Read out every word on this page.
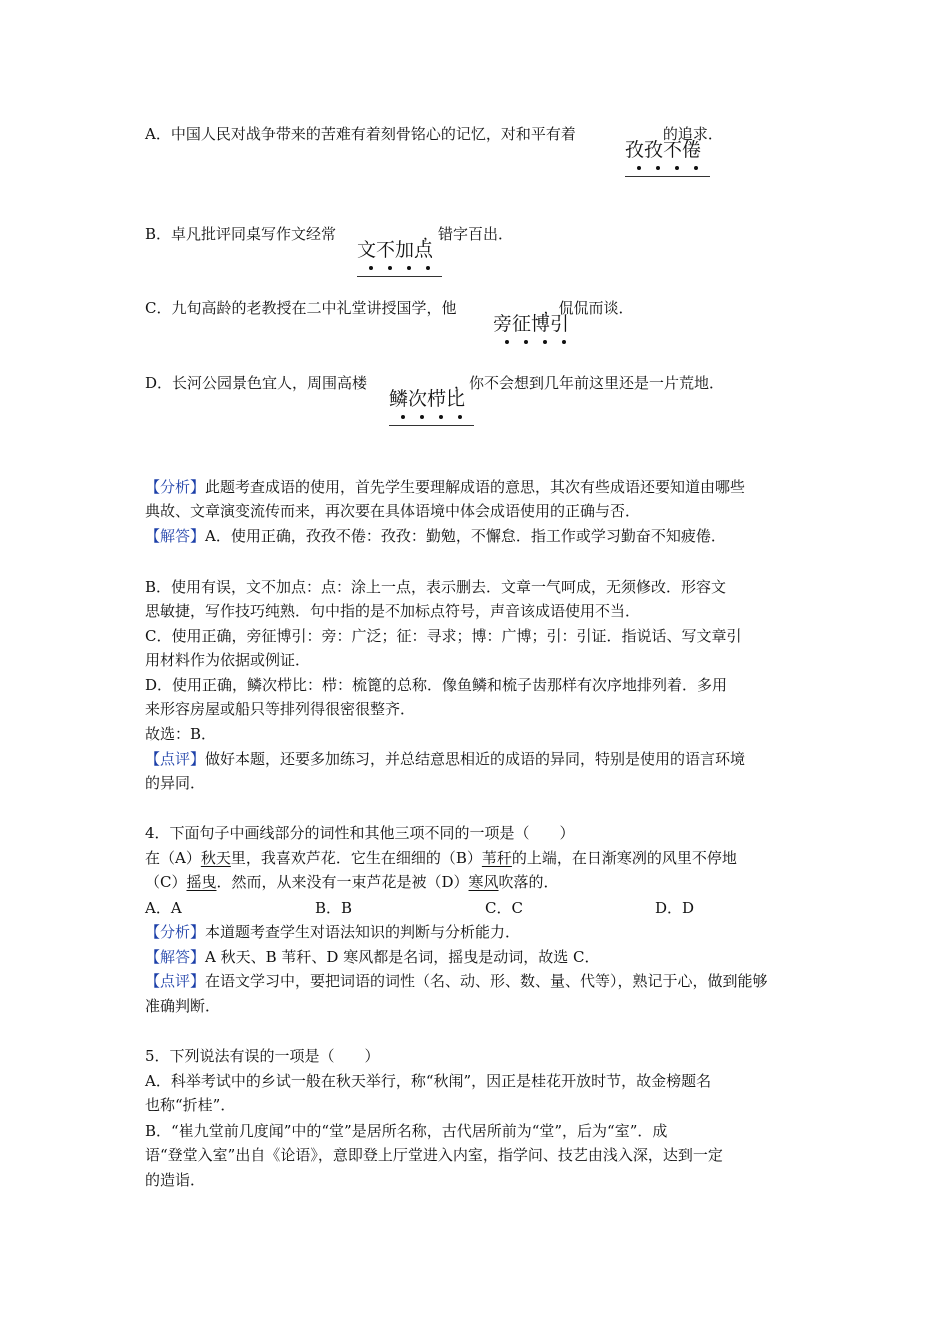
A．中国人民对战争带来的苦难有着刻骨铭心的记忆，对和平有着	的追求．
孜孜不倦
B．卓凡批评同桌写作文经常	，错字百出．
文不加点
C．九旬高龄的老教授在二中礼堂讲授国学，他	，侃侃而谈．
旁征博引
D．长河公园景色宜人，周围高楼	，你不会想到几年前这里还是一片荒地．
鳞次栉比
【分析】此题考查成语的使用，首先学生要理解成语的意思，其次有些成语还要知道由哪些
典故、文章演变流传而来，再次要在具体语境中体会成语使用的正确与否．
【解答】A．使用正确，孜孜不倦：孜孜：勤勉，不懈怠．指工作或学习勤奋不知疲倦．
B．使用有误，文不加点：点：涂上一点，表示删去．文章一气呵成，无须修改．形容文
思敏捷，写作技巧纯熟．句中指的是不加标点符号，声音该成语使用不当．
C．使用正确，旁征博引：旁：广泛；征：寻求；博：广博；引：引证．指说话、写文章引
用材料作为依据或例证．
D．使用正确，鳞次栉比：栉：梳篦的总称．像鱼鳞和梳子齿那样有次序地排列着．多用
来形容房屋或船只等排列得很密很整齐．
故选：B．
【点评】做好本题，还要多加练习，并总结意思相近的成语的异同，特别是使用的语言环境
的异同．
4．下面句子中画线部分的词性和其他三项不同的一项是（　　）
在（A）秋天里，我喜欢芦花．它生在细细的（B）苇秆的上端，在日渐寒冽的风里不停地
（C）摇曳．然而，从来没有一束芦花是被（D）寒风吹落的．
A．A	B．B	C．C	D．D
【分析】本道题考查学生对语法知识的判断与分析能力．
【解答】A 秋天、B 苇秆、D 寒风都是名词，摇曳是动词，故选 C．
【点评】在语文学习中，要把词语的词性（名、动、形、数、量、代等），熟记于心，做到能够
准确判断．
5．下列说法有误的一项是（　　）
A．科举考试中的乡试一般在秋天举行，称“秋闱”，因正是桂花开放时节，故金榜题名
也称“折桂”．
B．“崔九堂前几度闻”中的“堂”是居所名称，古代居所前为“堂”，后为“室”．成
语“登堂入室”出自《论语》，意即登上厅堂进入内室，指学问、技艺由浅入深，达到一定
的造诣．
